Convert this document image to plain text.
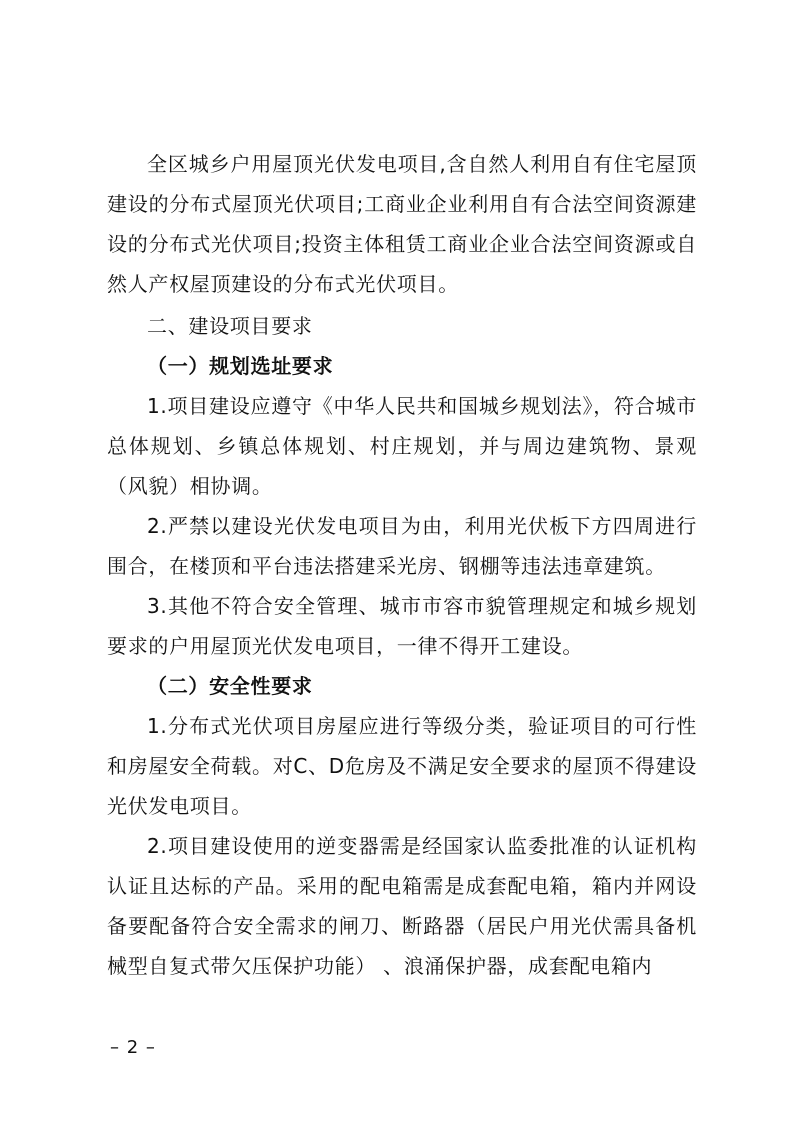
全区城乡户用屋顶光伏发电项目,含自然人利用自有住宅屋顶建设的分布式屋顶光伏项目;工商业企业利用自有合法空间资源建设的分布式光伏项目;投资主体租赁工商业企业合法空间资源或自然人产权屋顶建设的分布式光伏项目。

二、建设项目要求

（一）规划选址要求

1.项目建设应遵守《中华人民共和国城乡规划法》，符合城市总体规划、乡镇总体规划、村庄规划，并与周边建筑物、景观（风貌）相协调。

2.严禁以建设光伏发电项目为由，利用光伏板下方四周进行围合，在楼顶和平台违法搭建采光房、钢棚等违法违章建筑。

3.其他不符合安全管理、城市市容市貌管理规定和城乡规划要求的户用屋顶光伏发电项目，一律不得开工建设。

（二）安全性要求

1.分布式光伏项目房屋应进行等级分类，验证项目的可行性和房屋安全荷载。对C、D危房及不满足安全要求的屋顶不得建设光伏发电项目。

2.项目建设使用的逆变器需是经国家认监委批准的认证机构认证且达标的产品。采用的配电箱需是成套配电箱，箱内并网设备要配备符合安全需求的闸刀、断路器（居民户用光伏需具备机械型自复式带欠压保护功能） 、浪涌保护器，成套配电箱内

– 2 –
